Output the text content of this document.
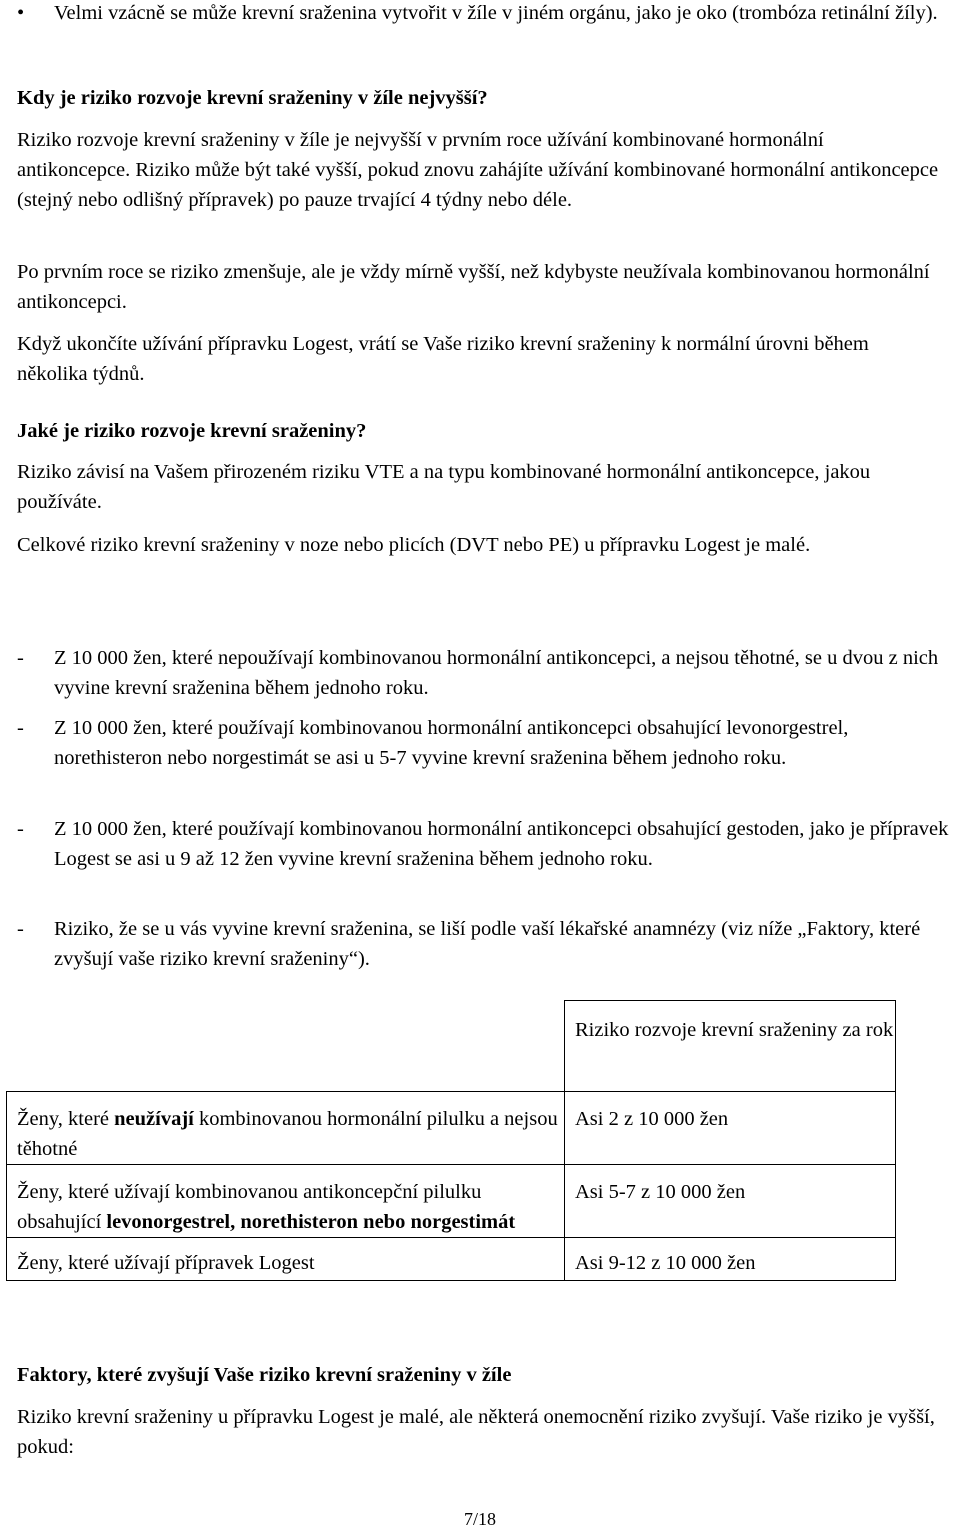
• Velmi vzácně se může krevní sraženina vytvořit v žíle v jiném orgánu, jako je oko (trombóza retinální žíly).

Kdy je riziko rozvoje krevní sraženiny v žíle nejvyšší?

Riziko rozvoje krevní sraženiny v žíle je nejvyšší v prvním roce užívání kombinované hormonální antikoncepce. Riziko může být také vyšší, pokud znovu zahájíte užívání kombinované hormonální antikoncepce (stejný nebo odlišný přípravek) po pauze trvající 4 týdny nebo déle.

Po prvním roce se riziko zmenšuje, ale je vždy mírně vyšší, než kdybyste neužívala kombinovanou hormonální antikoncepci.

Když ukončíte užívání přípravku Logest, vrátí se Vaše riziko krevní sraženiny k normální úrovni během několika týdnů.

Jaké je riziko rozvoje krevní sraženiny?

Riziko závisí na Vašem přirozeném riziku VTE a na typu kombinované hormonální antikoncepce, jakou používáte.

Celkové riziko krevní sraženiny v noze nebo plicích (DVT nebo PE) u přípravku Logest je malé.

- Z 10 000 žen, které nepoužívají kombinovanou hormonální antikoncepci, a nejsou těhotné, se u dvou z nich vyvine krevní sraženina během jednoho roku.
- Z 10 000 žen, které používají kombinovanou hormonální antikoncepci obsahující levonorgestrel, norethisteron nebo norgestimát se asi u 5-7 vyvine krevní sraženina během jednoho roku.
- Z 10 000 žen, které používají kombinovanou hormonální antikoncepci obsahující gestoden, jako je přípravek Logest se asi u 9 až 12 žen vyvine krevní sraženina během jednoho roku.
- Riziko, že se u vás vyvine krevní sraženina, se liší podle vaší lékařské anamnézy (viz níže „Faktory, které zvyšují vaše riziko krevní sraženiny“).
	Riziko rozvoje krevní sraženiny za rok
Ženy, které neužívají kombinovanou hormonální pilulku a nejsou těhotné	Asi 2 z 10 000 žen
Ženy, které užívají kombinovanou antikoncepční pilulku obsahující levonorgestrel, norethisteron nebo norgestimát	Asi 5-7 z 10 000 žen
Ženy, které užívají přípravek Logest	Asi 9-12 z 10 000 žen

Faktory, které zvyšují Vaše riziko krevní sraženiny v žíle

Riziko krevní sraženiny u přípravku Logest je malé, ale některá onemocnění riziko zvyšují. Vaše riziko je vyšší, pokud:

7/18
